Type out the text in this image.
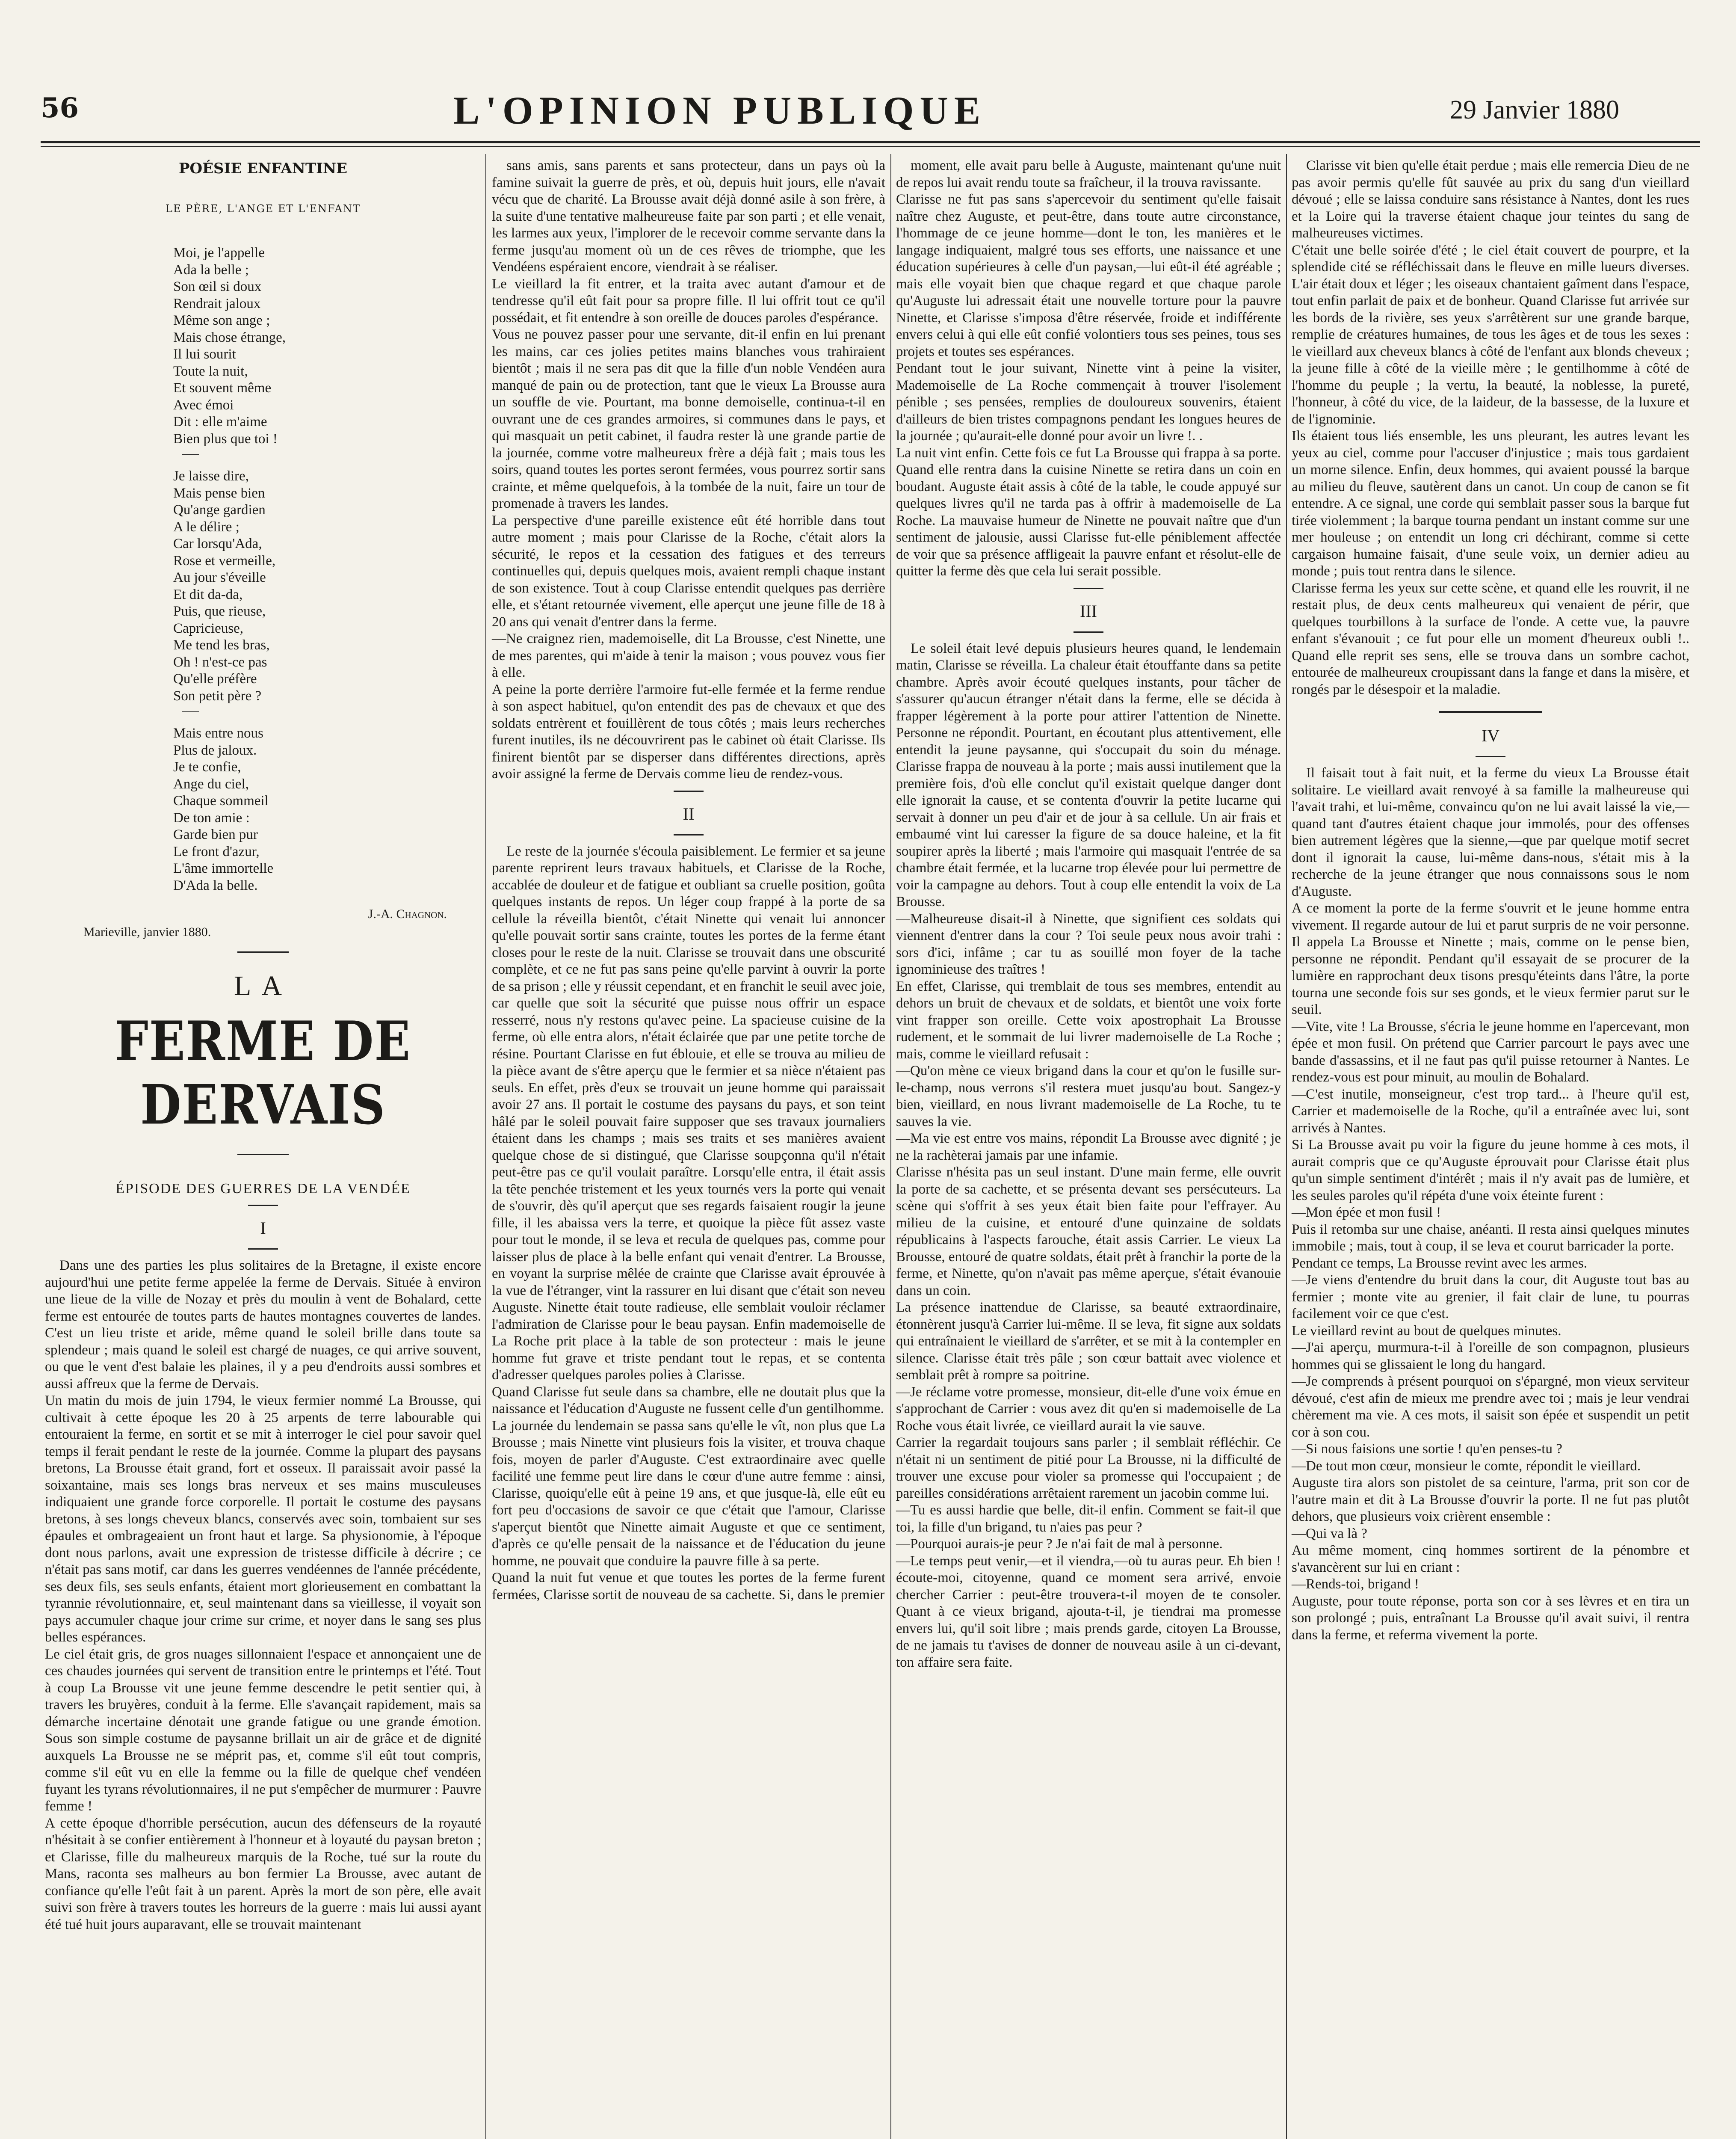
56	L'OPINION PUBLIQUE	29 Janvier 1880
POÉSIE ENFANTINE
LE PÈRE, L'ANGE ET L'ENFANT
Moi, je l'appelle
Ada la belle ;
Son œil si doux
Rendrait jaloux
Même son ange ;
Mais chose étrange,
Il lui sourit
Toute la nuit,
Et souvent même
Avec émoi
Dit : elle m'aime
Bien plus que toi !
Je laisse dire,
Mais pense bien
Qu'ange gardien
A le délire ;
Car lorsqu'Ada,
Rose et vermeille,
Au jour s'éveille
Et dit da-da,
Puis, que rieuse,
Capricieuse,
Me tend les bras,
Oh ! n'est-ce pas
Qu'elle préfère
Son petit père ?
Mais entre nous
Plus de jaloux.
Je te confie,
Ange du ciel,
Chaque sommeil
De ton amie :
Garde bien pur
Le front d'azur,
L'âme immortelle
D'Ada la belle.
J.-A. Chagnon.
Marieville, janvier 1880.
LA
FERME DE DERVAIS
ÉPISODE DES GUERRES DE LA VENDÉE
I

Dans une des parties les plus solitaires de la Bretagne, il existe encore aujourd'hui une petite ferme appelée la ferme de Dervais. Située à environ une lieue de la ville de Nozay et près du moulin à vent de Bohalard, cette ferme est entourée de toutes parts de hautes montagnes couvertes de landes. C'est un lieu triste et aride, même quand le soleil brille dans toute sa splendeur ; mais quand le soleil est chargé de nuages, ce qui arrive souvent, ou que le vent d'est balaie les plaines, il y a peu d'endroits aussi sombres et aussi affreux que la ferme de Dervais.
Un matin du mois de juin 1794, le vieux fermier nommé La Brousse, qui cultivait à cette époque les 20 à 25 arpents de terre labourable qui entouraient la ferme, en sortit et se mit à interroger le ciel pour savoir quel temps il ferait pendant le reste de la journée. Comme la plupart des paysans bretons, La Brousse était grand, fort et osseux. Il paraissait avoir passé la soixantaine, mais ses longs bras nerveux et ses mains musculeuses indiquaient une grande force corporelle. Il portait le costume des paysans bretons, à ses longs cheveux blancs, conservés avec soin, tombaient sur ses épaules et ombrageaient un front haut et large. Sa physionomie, à l'époque dont nous parlons, avait une expression de tristesse difficile à décrire ; ce n'était pas sans motif, car dans les guerres vendéennes de l'année précédente, ses deux fils, ses seuls enfants, étaient mort glorieusement en combattant la tyrannie révolutionnaire, et, seul maintenant dans sa vieillesse, il voyait son pays accumuler chaque jour crime sur crime, et noyer dans le sang ses plus belles espérances.
Le ciel était gris, de gros nuages sillonnaient l'espace et annonçaient une de ces chaudes journées qui servent de transition entre le printemps et l'été. Tout à coup La Brousse vit une jeune femme descendre le petit sentier qui, à travers les bruyères, conduit à la ferme. Elle s'avançait rapidement, mais sa démarche incertaine dénotait une grande fatigue ou une grande émotion. Sous son simple costume de paysanne brillait un air de grâce et de dignité auxquels La Brousse ne se méprit pas, et, comme s'il eût tout compris, comme s'il eût vu en elle la femme ou la fille de quelque chef vendéen fuyant les tyrans révolutionnaires, il ne put s'empêcher de murmurer : Pauvre femme !
A cette époque d'horrible persécution, aucun des défenseurs de la royauté n'hésitait à se confier entièrement à l'honneur et à loyauté du paysan breton ; et Clarisse, fille du malheureux marquis de la Roche, tué sur la route du Mans, raconta ses malheurs au bon fermier La Brousse, avec autant de confiance qu'elle l'eût fait à un parent. Après la mort de son père, elle avait suivi son frère à travers toutes les horreurs de la guerre : mais lui aussi ayant été tué huit jours auparavant, elle se trouvait maintenant

sans amis, sans parents et sans protecteur, dans un pays où la famine suivait la guerre de près, et où, depuis huit jours, elle n'avait vécu que de charité. La Brousse avait déjà donné asile à son frère, à la suite d'une tentative malheureuse faite par son parti ; et elle venait, les larmes aux yeux, l'implorer de le recevoir comme servante dans la ferme jusqu'au moment où un de ces rêves de triomphe, que les Vendéens espéraient encore, viendrait à se réaliser.
Le vieillard la fit entrer, et la traita avec autant d'amour et de tendresse qu'il eût fait pour sa propre fille. Il lui offrit tout ce qu'il possédait, et fit entendre à son oreille de douces paroles d'espérance.
Vous ne pouvez passer pour une servante, dit-il enfin en lui prenant les mains, car ces jolies petites mains blanches vous trahiraient bientôt ; mais il ne sera pas dit que la fille d'un noble Vendéen aura manqué de pain ou de protection, tant que le vieux La Brousse aura un souffle de vie. Pourtant, ma bonne demoiselle, continua-t-il en ouvrant une de ces grandes armoires, si communes dans le pays, et qui masquait un petit cabinet, il faudra rester là une grande partie de la journée, comme votre malheureux frère a déjà fait ; mais tous les soirs, quand toutes les portes seront fermées, vous pourrez sortir sans crainte, et même quelquefois, à la tombée de la nuit, faire un tour de promenade à travers les landes.
La perspective d'une pareille existence eût été horrible dans tout autre moment ; mais pour Clarisse de la Roche, c'était alors la sécurité, le repos et la cessation des fatigues et des terreurs continuelles qui, depuis quelques mois, avaient rempli chaque instant de son existence. Tout à coup Clarisse entendit quelques pas derrière elle, et s'étant retournée vivement, elle aperçut une jeune fille de 18 à 20 ans qui venait d'entrer dans la ferme.
—Ne craignez rien, mademoiselle, dit La Brousse, c'est Ninette, une de mes parentes, qui m'aide à tenir la maison ; vous pouvez vous fier à elle.
A peine la porte derrière l'armoire fut-elle fermée et la ferme rendue à son aspect habituel, qu'on entendit des pas de chevaux et que des soldats entrèrent et fouillèrent de tous côtés ; mais leurs recherches furent inutiles, ils ne découvrirent pas le cabinet où était Clarisse. Ils finirent bientôt par se disperser dans différentes directions, après avoir assigné la ferme de Dervais comme lieu de rendez-vous.

II

Le reste de la journée s'écoula paisiblement. Le fermier et sa jeune parente reprirent leurs travaux habituels, et Clarisse de la Roche, accablée de douleur et de fatigue et oubliant sa cruelle position, goûta quelques instants de repos. Un léger coup frappé à la porte de sa cellule la réveilla bientôt, c'était Ninette qui venait lui annoncer qu'elle pouvait sortir sans crainte, toutes les portes de la ferme étant closes pour le reste de la nuit. Clarisse se trouvait dans une obscurité complète, et ce ne fut pas sans peine qu'elle parvint à ouvrir la porte de sa prison ; elle y réussit cependant, et en franchit le seuil avec joie, car quelle que soit la sécurité que puisse nous offrir un espace resserré, nous n'y restons qu'avec peine. La spacieuse cuisine de la ferme, où elle entra alors, n'était éclairée que par une petite torche de résine. Pourtant Clarisse en fut éblouie, et elle se trouva au milieu de la pièce avant de s'être aperçu que le fermier et sa nièce n'étaient pas seuls. En effet, près d'eux se trouvait un jeune homme qui paraissait avoir 27 ans. Il portait le costume des paysans du pays, et son teint hâlé par le soleil pouvait faire supposer que ses travaux journaliers étaient dans les champs ; mais ses traits et ses manières avaient quelque chose de si distingué, que Clarisse soupçonna qu'il n'était peut-être pas ce qu'il voulait paraître. Lorsqu'elle entra, il était assis la tête penchée tristement et les yeux tournés vers la porte qui venait de s'ouvrir, dès qu'il aperçut que ses regards faisaient rougir la jeune fille, il les abaissa vers la terre, et quoique la pièce fût assez vaste pour tout le monde, il se leva et recula de quelques pas, comme pour laisser plus de place à la belle enfant qui venait d'entrer. La Brousse, en voyant la surprise mêlée de crainte que Clarisse avait éprouvée à la vue de l'étranger, vint la rassurer en lui disant que c'était son neveu Auguste. Ninette était toute radieuse, elle semblait vouloir réclamer l'admiration de Clarisse pour le beau paysan. Enfin mademoiselle de La Roche prit place à la table de son protecteur : mais le jeune homme fut grave et triste pendant tout le repas, et se contenta d'adresser quelques paroles polies à Clarisse.
Quand Clarisse fut seule dans sa chambre, elle ne doutait plus que la naissance et l'éducation d'Auguste ne fussent celle d'un gentilhomme.
La journée du lendemain se passa sans qu'elle le vît, non plus que La Brousse ; mais Ninette vint plusieurs fois la visiter, et trouva chaque fois, moyen de parler d'Auguste. C'est extraordinaire avec quelle facilité une femme peut lire dans le cœur d'une autre femme : ainsi, Clarisse, quoiqu'elle eût à peine 19 ans, et que jusque-là, elle eût eu fort peu d'occasions de savoir ce que c'était que l'amour, Clarisse s'aperçut bientôt que Ninette aimait Auguste et que ce sentiment, d'après ce qu'elle pensait de la naissance et de l'éducation du jeune homme, ne pouvait que conduire la pauvre fille à sa perte.
Quand la nuit fut venue et que toutes les portes de la ferme furent fermées, Clarisse sortit de nouveau de sa cachette. Si, dans le premier

moment, elle avait paru belle à Auguste, maintenant qu'une nuit de repos lui avait rendu toute sa fraîcheur, il la trouva ravissante.
Clarisse ne fut pas sans s'apercevoir du sentiment qu'elle faisait naître chez Auguste, et peut-être, dans toute autre circonstance, l'hommage de ce jeune homme—dont le ton, les manières et le langage indiquaient, malgré tous ses efforts, une naissance et une éducation supérieures à celle d'un paysan,—lui eût-il été agréable ; mais elle voyait bien que chaque regard et que chaque parole qu'Auguste lui adressait était une nouvelle torture pour la pauvre Ninette, et Clarisse s'imposa d'être réservée, froide et indifférente envers celui à qui elle eût confié volontiers tous ses peines, tous ses projets et toutes ses espérances.
Pendant tout le jour suivant, Ninette vint à peine la visiter, Mademoiselle de La Roche commençait à trouver l'isolement pénible ; ses pensées, remplies de douloureux souvenirs, étaient d'ailleurs de bien tristes compagnons pendant les longues heures de la journée ; qu'aurait-elle donné pour avoir un livre !. .
La nuit vint enfin. Cette fois ce fut La Brousse qui frappa à sa porte. Quand elle rentra dans la cuisine Ninette se retira dans un coin en boudant. Auguste était assis à côté de la table, le coude appuyé sur quelques livres qu'il ne tarda pas à offrir à mademoiselle de La Roche. La mauvaise humeur de Ninette ne pouvait naître que d'un sentiment de jalousie, aussi Clarisse fut-elle péniblement affectée de voir que sa présence affligeait la pauvre enfant et résolut-elle de quitter la ferme dès que cela lui serait possible.

III

Le soleil était levé depuis plusieurs heures quand, le lendemain matin, Clarisse se réveilla. La chaleur était étouffante dans sa petite chambre. Après avoir écouté quelques instants, pour tâcher de s'assurer qu'aucun étranger n'était dans la ferme, elle se décida à frapper légèrement à la porte pour attirer l'attention de Ninette. Personne ne répondit. Pourtant, en écoutant plus attentivement, elle entendit la jeune paysanne, qui s'occupait du soin du ménage. Clarisse frappa de nouveau à la porte ; mais aussi inutilement que la première fois, d'où elle conclut qu'il existait quelque danger dont elle ignorait la cause, et se contenta d'ouvrir la petite lucarne qui servait à donner un peu d'air et de jour à sa cellule. Un air frais et embaumé vint lui caresser la figure de sa douce haleine, et la fit soupirer après la liberté ; mais l'armoire qui masquait l'entrée de sa chambre était fermée, et la lucarne trop élevée pour lui permettre de voir la campagne au dehors. Tout à coup elle entendit la voix de La Brousse.
—Malheureuse disait-il à Ninette, que signifient ces soldats qui viennent d'entrer dans la cour ? Toi seule peux nous avoir trahi : sors d'ici, infâme ; car tu as souillé mon foyer de la tache ignominieuse des traîtres !
En effet, Clarisse, qui tremblait de tous ses membres, entendit au dehors un bruit de chevaux et de soldats, et bientôt une voix forte vint frapper son oreille. Cette voix apostrophait La Brousse rudement, et le sommait de lui livrer mademoiselle de La Roche ; mais, comme le vieillard refusait :
—Qu'on mène ce vieux brigand dans la cour et qu'on le fusille sur-le-champ, nous verrons s'il restera muet jusqu'au bout. Sangez-y bien, vieillard, en nous livrant mademoiselle de La Roche, tu te sauves la vie.
—Ma vie est entre vos mains, répondit La Brousse avec dignité ; je ne la rachèterai jamais par une infamie.
Clarisse n'hésita pas un seul instant. D'une main ferme, elle ouvrit la porte de sa cachette, et se présenta devant ses persécuteurs. La scène qui s'offrit à ses yeux était bien faite pour l'effrayer. Au milieu de la cuisine, et entouré d'une quinzaine de soldats républicains à l'aspects farouche, était assis Carrier. Le vieux La Brousse, entouré de quatre soldats, était prêt à franchir la porte de la ferme, et Ninette, qu'on n'avait pas même aperçue, s'était évanouie dans un coin.
La présence inattendue de Clarisse, sa beauté extraordinaire, étonnèrent jusqu'à Carrier lui-même. Il se leva, fit signe aux soldats qui entraînaient le vieillard de s'arrêter, et se mit à la contempler en silence. Clarisse était très pâle ; son cœur battait avec violence et semblait prêt à rompre sa poitrine.
—Je réclame votre promesse, monsieur, dit-elle d'une voix émue en s'approchant de Carrier : vous avez dit qu'en si mademoiselle de La Roche vous était livrée, ce vieillard aurait la vie sauve.
Carrier la regardait toujours sans parler ; il semblait réfléchir. Ce n'était ni un sentiment de pitié pour La Brousse, ni la difficulté de trouver une excuse pour violer sa promesse qui l'occupaient ; de pareilles considérations arrêtaient rarement un jacobin comme lui.
—Tu es aussi hardie que belle, dit-il enfin. Comment se fait-il que toi, la fille d'un brigand, tu n'aies pas peur ?
—Pourquoi aurais-je peur ? Je n'ai fait de mal à personne.
—Le temps peut venir,—et il viendra,—où tu auras peur. Eh bien ! écoute-moi, citoyenne, quand ce moment sera arrivé, envoie chercher Carrier : peut-être trouvera-t-il moyen de te consoler. Quant à ce vieux brigand, ajouta-t-il, je tiendrai ma promesse envers lui, qu'il soit libre ; mais prends garde, citoyen La Brousse, de ne jamais tu t'avises de donner de nouveau asile à un ci-devant, ton affaire sera faite.

Clarisse vit bien qu'elle était perdue ; mais elle remercia Dieu de ne pas avoir permis qu'elle fût sauvée au prix du sang d'un vieillard dévoué ; elle se laissa conduire sans résistance à Nantes, dont les rues et la Loire qui la traverse étaient chaque jour teintes du sang de malheureuses victimes.
C'était une belle soirée d'été ; le ciel était couvert de pourpre, et la splendide cité se réfléchissait dans le fleuve en mille lueurs diverses. L'air était doux et léger ; les oiseaux chantaient gaîment dans l'espace, tout enfin parlait de paix et de bonheur. Quand Clarisse fut arrivée sur les bords de la rivière, ses yeux s'arrêtèrent sur une grande barque, remplie de créatures humaines, de tous les âges et de tous les sexes : le vieillard aux cheveux blancs à côté de l'enfant aux blonds cheveux ; la jeune fille à côté de la vieille mère ; le gentilhomme à côté de l'homme du peuple ; la vertu, la beauté, la noblesse, la pureté, l'honneur, à côté du vice, de la laideur, de la bassesse, de la luxure et de l'ignominie.
Ils étaient tous liés ensemble, les uns pleurant, les autres levant les yeux au ciel, comme pour l'accuser d'injustice ; mais tous gardaient un morne silence. Enfin, deux hommes, qui avaient poussé la barque au milieu du fleuve, sautèrent dans un canot. Un coup de canon se fit entendre. A ce signal, une corde qui semblait passer sous la barque fut tirée violemment ; la barque tourna pendant un instant comme sur une mer houleuse ; on entendit un long cri déchirant, comme si cette cargaison humaine faisait, d'une seule voix, un dernier adieu au monde ; puis tout rentra dans le silence.
Clarisse ferma les yeux sur cette scène, et quand elle les rouvrit, il ne restait plus, de deux cents malheureux qui venaient de périr, que quelques tourbillons à la surface de l'onde. A cette vue, la pauvre enfant s'évanouit ; ce fut pour elle un moment d'heureux oubli !.. Quand elle reprit ses sens, elle se trouva dans un sombre cachot, entourée de malheureux croupissant dans la fange et dans la misère, et rongés par le désespoir et la maladie.

IV

Il faisait tout à fait nuit, et la ferme du vieux La Brousse était solitaire. Le vieillard avait renvoyé à sa famille la malheureuse qui l'avait trahi, et lui-même, convaincu qu'on ne lui avait laissé la vie,—quand tant d'autres étaient chaque jour immolés, pour des offenses bien autrement légères que la sienne,—que par quelque motif secret dont il ignorait la cause, lui-même dans-nous, s'était mis à la recherche de la jeune étranger que nous connaissons sous le nom d'Auguste.
A ce moment la porte de la ferme s'ouvrit et le jeune homme entra vivement. Il regarde autour de lui et parut surpris de ne voir personne. Il appela La Brousse et Ninette ; mais, comme on le pense bien, personne ne répondit. Pendant qu'il essayait de se procurer de la lumière en rapprochant deux tisons presqu'éteints dans l'âtre, la porte tourna une seconde fois sur ses gonds, et le vieux fermier parut sur le seuil.
—Vite, vite ! La Brousse, s'écria le jeune homme en l'apercevant, mon épée et mon fusil. On prétend que Carrier parcourt le pays avec une bande d'assassins, et il ne faut pas qu'il puisse retourner à Nantes. Le rendez-vous est pour minuit, au moulin de Bohalard.
—C'est inutile, monseigneur, c'est trop tard... à l'heure qu'il est, Carrier et mademoiselle de la Roche, qu'il a entraînée avec lui, sont arrivés à Nantes.
Si La Brousse avait pu voir la figure du jeune homme à ces mots, il aurait compris que ce qu'Auguste éprouvait pour Clarisse était plus qu'un simple sentiment d'intérêt ; mais il n'y avait pas de lumière, et les seules paroles qu'il répéta d'une voix éteinte furent :
—Mon épée et mon fusil !
Puis il retomba sur une chaise, anéanti. Il resta ainsi quelques minutes immobile ; mais, tout à coup, il se leva et courut barricader la porte.
Pendant ce temps, La Brousse revint avec les armes.
—Je viens d'entendre du bruit dans la cour, dit Auguste tout bas au fermier ; monte vite au grenier, il fait clair de lune, tu pourras facilement voir ce que c'est.
Le vieillard revint au bout de quelques minutes.
—J'ai aperçu, murmura-t-il à l'oreille de son compagnon, plusieurs hommes qui se glissaient le long du hangard.
—Je comprends à présent pourquoi on s'épargné, mon vieux serviteur dévoué, c'est afin de mieux me prendre avec toi ; mais je leur vendrai chèrement ma vie. A ces mots, il saisit son épée et suspendit un petit cor à son cou.
—Si nous faisions une sortie ! qu'en penses-tu ?
—De tout mon cœur, monsieur le comte, répondit le vieillard.
Auguste tira alors son pistolet de sa ceinture, l'arma, prit son cor de l'autre main et dit à La Brousse d'ouvrir la porte. Il ne fut pas plutôt dehors, que plusieurs voix crièrent ensemble :
—Qui va là ?
Au même moment, cinq hommes sortirent de la pénombre et s'avancèrent sur lui en criant :
—Rends-toi, brigand !
Auguste, pour toute réponse, porta son cor à ses lèvres et en tira un son prolongé ; puis, entraînant La Brousse qu'il avait suivi, il rentra dans la ferme, et referma vivement la porte.
